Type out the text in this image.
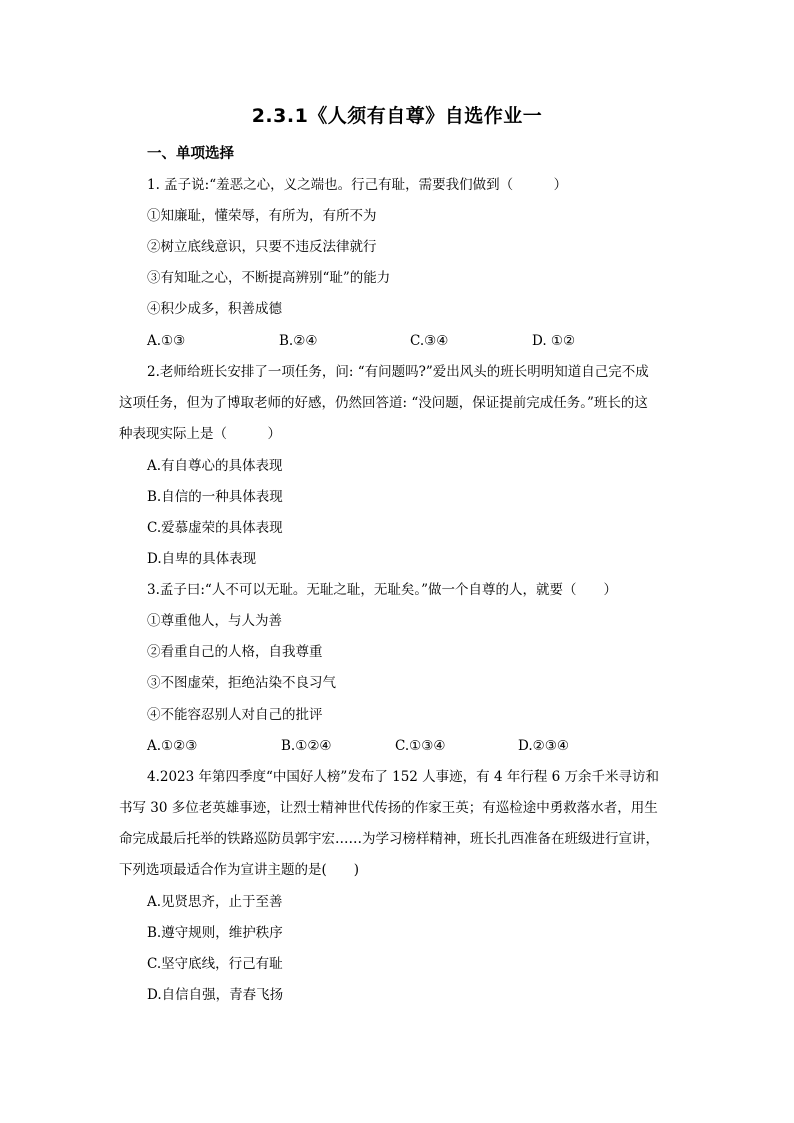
2.3.1《人须有自尊》自选作业一
一、单项选择
1. 孟子说:“羞恶之心，义之端也。行己有耻，需要我们做到（　　　）
①知廉耻，懂荣辱，有所为，有所不为
②树立底线意识，只要不违反法律就行
③有知耻之心，不断提高辨别“耻”的能力
④积少成多，积善成德
A.①③	B.②④	C.③④	D. ①②
2.老师给班长安排了一项任务，问: “有问题吗?”爱出风头的班长明明知道自己完不成
这项任务，但为了博取老师的好感，仍然回答道: “没问题，保证提前完成任务。”班长的这
种表现实际上是（　　　）
A.有自尊心的具体表现
B.自信的一种具体表现
C.爱慕虚荣的具体表现
D.自卑的具体表现
3.孟子曰:“人不可以无耻。无耻之耻，无耻矣。”做一个自尊的人，就要（　　）
①尊重他人，与人为善
②看重自己的人格，自我尊重
③不图虚荣，拒绝沾染不良习气
④不能容忍别人对自己的批评
A.①②③	B.①②④	C.①③④	D.②③④
4.2023 年第四季度“中国好人榜”发布了 152 人事迹，有 4 年行程 6 万余千米寻访和
书写 30 多位老英雄事迹，让烈士精神世代传扬的作家王英；有巡检途中勇救落水者，用生
命完成最后托举的铁路巡防员郭宇宏……为学习榜样精神，班长扎西准备在班级进行宣讲，
下列选项最适合作为宣讲主题的是(　　)
A.见贤思齐，止于至善
B.遵守规则，维护秩序
C.坚守底线，行己有耻
D.自信自强，青春飞扬
